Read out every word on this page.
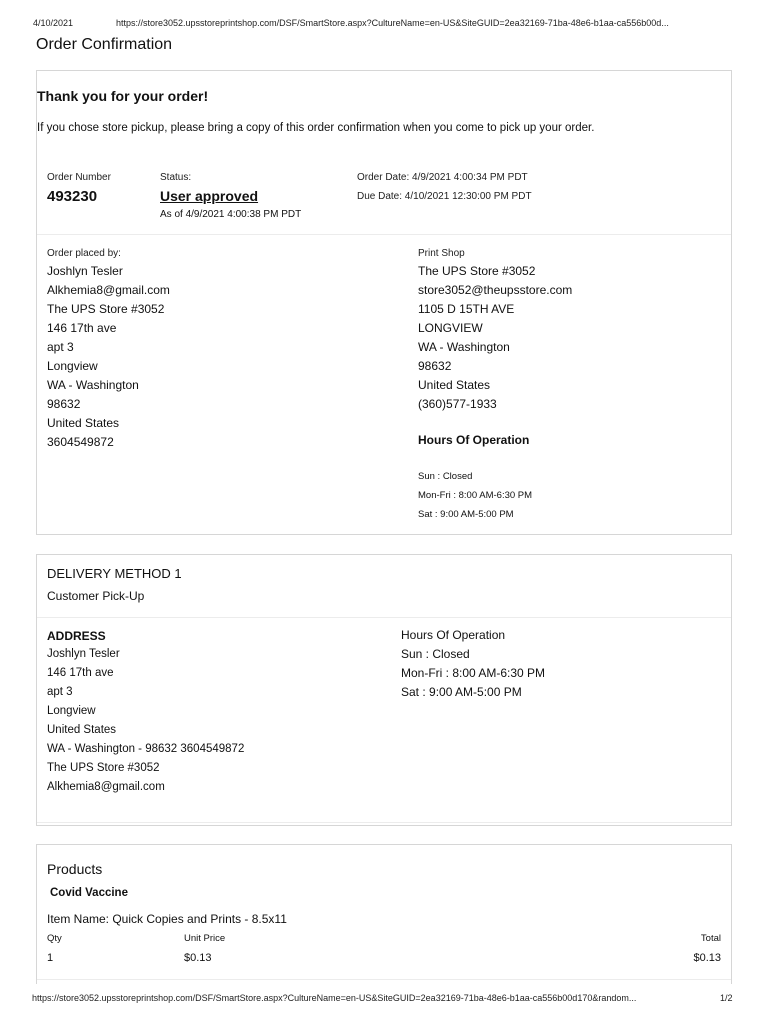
4/10/2021	https://store3052.upsstoreprintshop.com/DSF/SmartStore.aspx?CultureName=en-US&SiteGUID=2ea32169-71ba-48e6-b1aa-ca556b00d...
Order Confirmation
Thank you for your order!
If you chose store pickup, please bring a copy of this order confirmation when you come to pick up your order.
Order Number
493230
Status:
User approved
As of 4/9/2021 4:00:38 PM PDT
Order Date: 4/9/2021 4:00:34 PM PDT
Due Date: 4/10/2021 12:30:00 PM PDT
Order placed by:
Joshlyn Tesler
Alkhemia8@gmail.com
The UPS Store #3052
146 17th ave
apt 3
Longview
WA - Washington
98632
United States
3604549872
Print Shop
The UPS Store #3052
store3052@theupsstore.com
1105 D 15TH AVE
LONGVIEW
WA - Washington
98632
United States
(360)577-1933
Hours Of Operation
Sun : Closed
Mon-Fri : 8:00 AM-6:30 PM
Sat : 9:00 AM-5:00 PM
DELIVERY METHOD 1
Customer Pick-Up
ADDRESS
Joshlyn Tesler
146 17th ave
apt 3
Longview
United States
WA - Washington - 98632 3604549872
The UPS Store #3052
Alkhemia8@gmail.com
Hours Of Operation
Sun : Closed
Mon-Fri : 8:00 AM-6:30 PM
Sat : 9:00 AM-5:00 PM
Products
Covid Vaccine
Item Name: Quick Copies and Prints - 8.5x11
Qty	Unit Price	Total
1	$0.13	$0.13
https://store3052.upsstoreprintshop.com/DSF/SmartStore.aspx?CultureName=en-US&SiteGUID=2ea32169-71ba-48e6-b1aa-ca556b00d170&random...	1/2
